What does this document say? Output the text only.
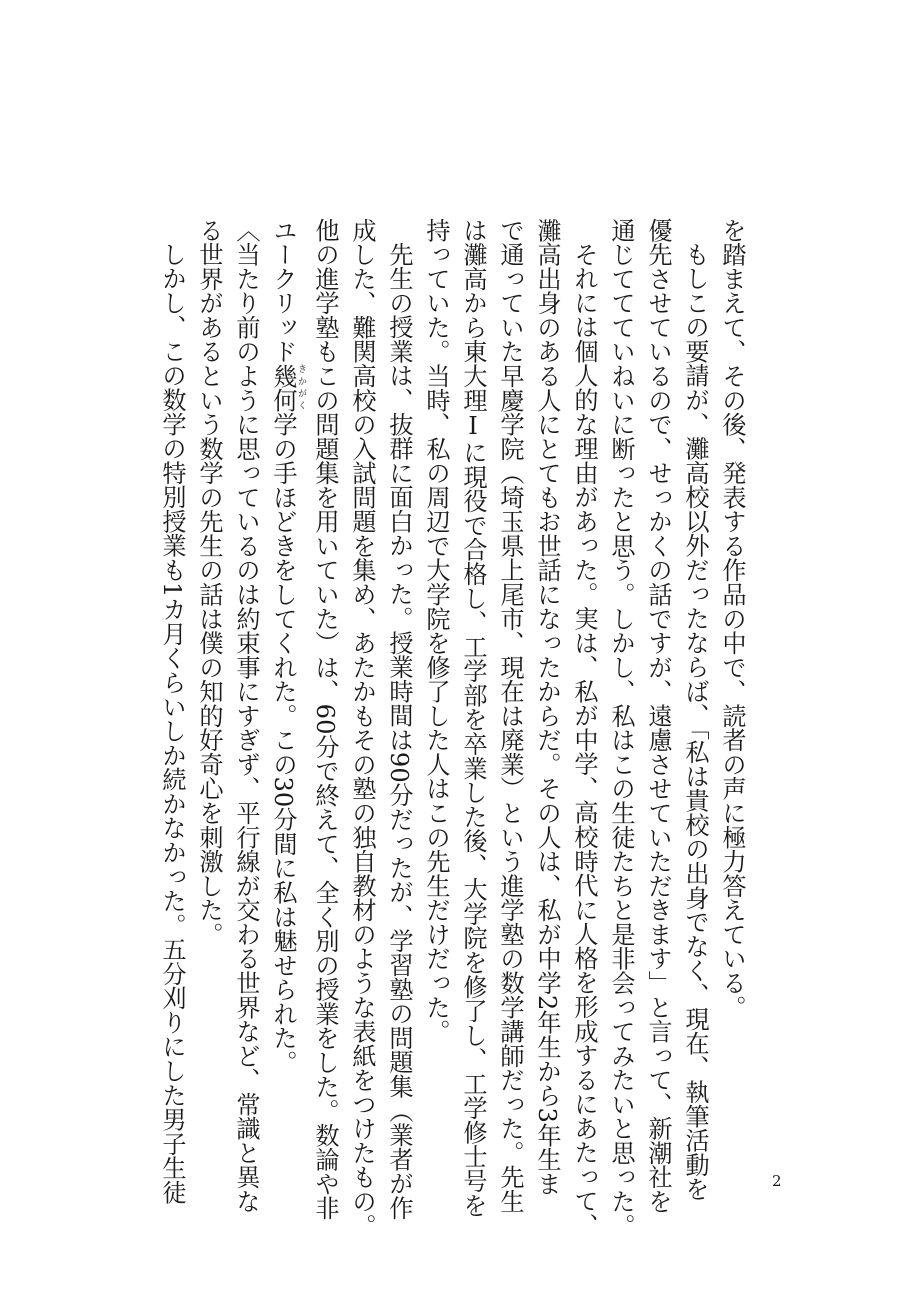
を踏まえて、その後、発表する作品の中で、読者の声に極力答えている。
もしこの要請が、灘高校以外だったならば、「私は貴校の出身でなく、現在、執筆活動を
優先させているので、せっかくの話ですが、遠慮させていただきます」と言って、新潮社を
通じててていねいに断ったと思う。しかし、私はこの生徒たちと是非会ってみたいと思った。
それには個人的な理由があった。実は、私が中学、高校時代に人格を形成するにあたって、
灘高出身のある人にとてもお世話になったからだ。その人は、私が中学2年生から3年生ま
で通っていた早慶学院（埼玉県上尾市、現在は廃業）という進学塾の数学講師だった。先生
は灘高から東大理Ⅰに現役で合格し、工学部を卒業した後、大学院を修了し、工学修士号を
持っていた。当時、私の周辺で大学院を修了した人はこの先生だけだった。
先生の授業は、抜群に面白かった。授業時間は90分だったが、学習塾の問題集（業者が作
成した、難関高校の入試問題を集め、あたかもその塾の独自教材のような表紙をつけたもの。
他の進学塾もこの問題集を用いていた）は、60分で終えて、全く別の授業をした。数論や非
ユークリッド幾何 きかがく学の手ほどきをしてくれた。この30分間に私は魅せられた。
〈当たり前のように思っているのは約束事にすぎず、平行線が交わる世界など、常識と異な
る世界があるという数学の先生の話は僕の知的好奇心を刺激した。
しかし、この数学の特別授業も1カ月くらいしか続かなかった。五分刈りにした男子生徒	2
